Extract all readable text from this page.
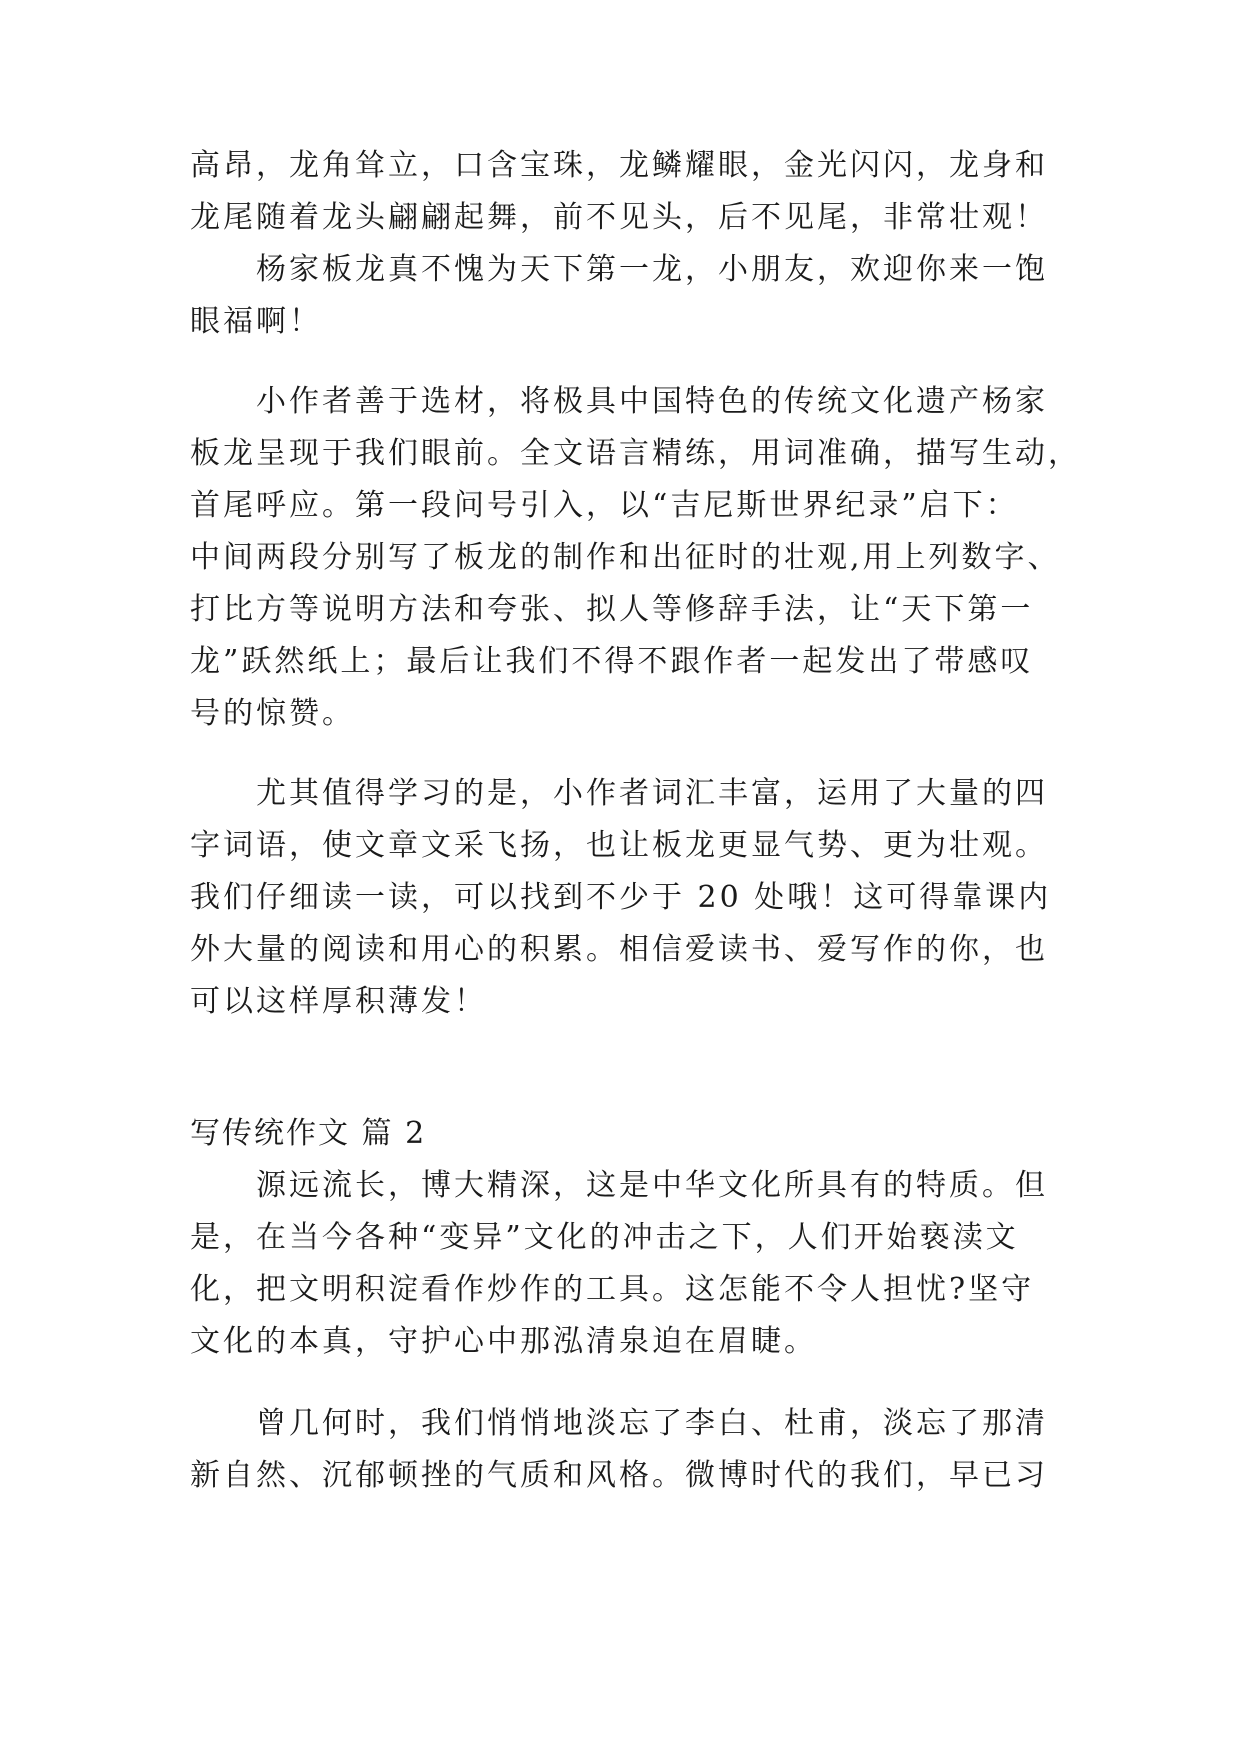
高昂，龙角耸立，口含宝珠，龙鳞耀眼，金光闪闪，龙身和
龙尾随着龙头翩翩起舞，前不见头，后不见尾，非常壮观！
杨家板龙真不愧为天下第一龙，小朋友，欢迎你来一饱
眼福啊！
小作者善于选材，将极具中国特色的传统文化遗产杨家
板龙呈现于我们眼前。全文语言精练，用词准确，描写生动，
首尾呼应。第一段问号引入，以“吉尼斯世界纪录”启下：
中间两段分别写了板龙的制作和出征时的壮观,用上列数字、
打比方等说明方法和夸张、拟人等修辞手法，让“天下第一
龙”跃然纸上；最后让我们不得不跟作者一起发出了带感叹
号的惊赞。
尤其值得学习的是，小作者词汇丰富，运用了大量的四
字词语，使文章文采飞扬，也让板龙更显气势、更为壮观。
我们仔细读一读，可以找到不少于 20 处哦！这可得靠课内
外大量的阅读和用心的积累。相信爱读书、爱写作的你，也
可以这样厚积薄发！
写传统作文 篇 2
源远流长，博大精深，这是中华文化所具有的特质。但
是，在当今各种“变异”文化的冲击之下，人们开始亵渎文
化，把文明积淀看作炒作的工具。这怎能不令人担忧?坚守
文化的本真，守护心中那泓清泉迫在眉睫。
曾几何时，我们悄悄地淡忘了李白、杜甫，淡忘了那清
新自然、沉郁顿挫的气质和风格。微博时代的我们，早已习
